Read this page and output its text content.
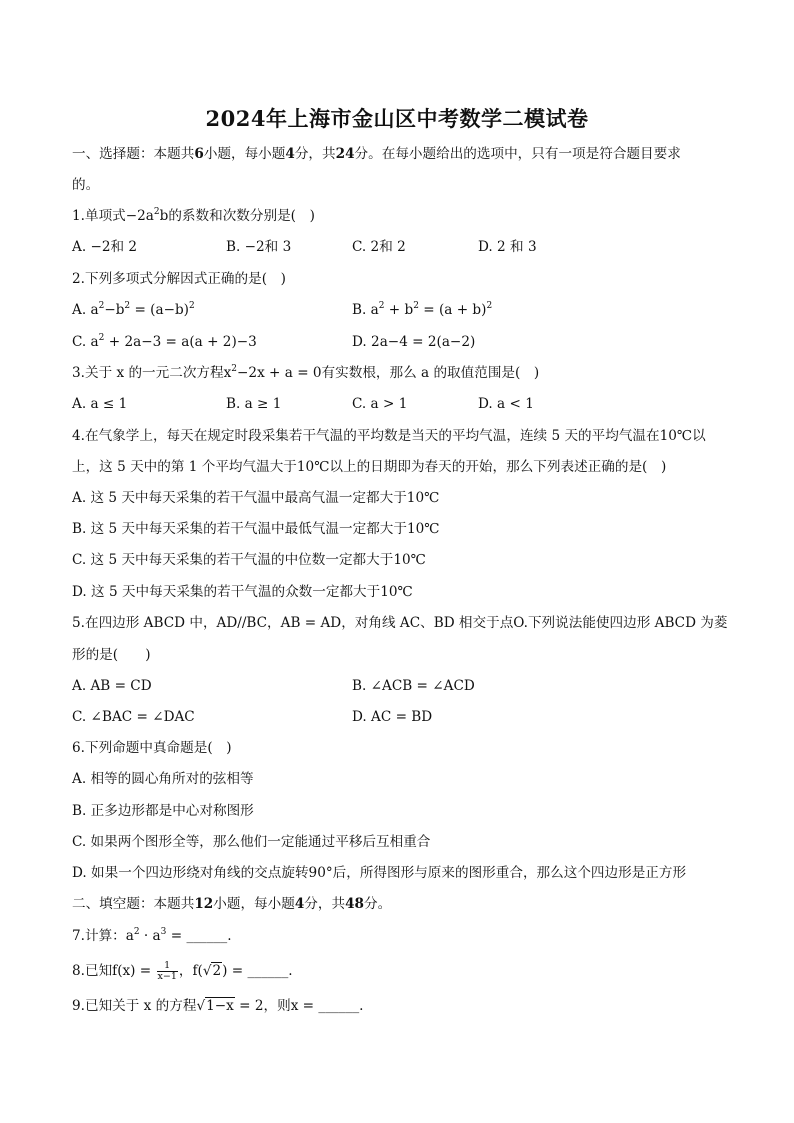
2024年上海市金山区中考数学二模试卷
一、选择题：本题共6小题，每小题4分，共24分。在每小题给出的选项中，只有一项是符合题目要求
的。
1.单项式$-2a^2b$的系数和次数分别是(　)
A. −2和 2	B. −2和 3	C. 2和 2	D. 2 和 3
2.下列多项式分解因式正确的是(　)
A. $a^2-b^2 = (a-b)^2$	B. $a^2 + b^2 = (a + b)^2$
C. $a^2 + 2a-3 = a(a + 2)-3$	D. 2a−4 = 2(a−2)
3.关于 x 的一元二次方程$x^2-2x + a = 0$有实数根，那么 a 的取值范围是(　)
A. a ≤ 1	B. a ≥ 1	C. a > 1	D. a < 1
4.在气象学上，每天在规定时段采集若干气温的平均数是当天的平均气温，连续 5 天的平均气温在10℃以
上，这 5 天中的第 1 个平均气温大于10℃以上的日期即为春天的开始，那么下列表述正确的是(　)
A. 这 5 天中每天采集的若干气温中最高气温一定都大于10℃
B. 这 5 天中每天采集的若干气温中最低气温一定都大于10℃
C. 这 5 天中每天采集的若干气温的中位数一定都大于10℃
D. 这 5 天中每天采集的若干气温的众数一定都大于10℃
5.在四边形 ABCD 中，AD//BC，AB = AD，对角线 AC、BD 相交于点O.下列说法能使四边形 ABCD 为菱
形的是(　　)
A. AB = CD	B. ∠ACB = ∠ACD
C. ∠BAC = ∠DAC	D. AC = BD
6.下列命题中真命题是(　)
A. 相等的圆心角所对的弦相等
B. 正多边形都是中心对称图形
C. 如果两个图形全等，那么他们一定能通过平移后互相重合
D. 如果一个四边形绕对角线的交点旋转90°后，所得图形与原来的图形重合，那么这个四边形是正方形
二、填空题：本题共12小题，每小题4分，共48分。
7.计算：$a^2 \cdot a^3$ = ______.
8.已知$f(x) = \frac{1}{x-1}$ ，f(√2) = ______.
9.已知关于 x 的方程√1−x = 2，则x = ______.
